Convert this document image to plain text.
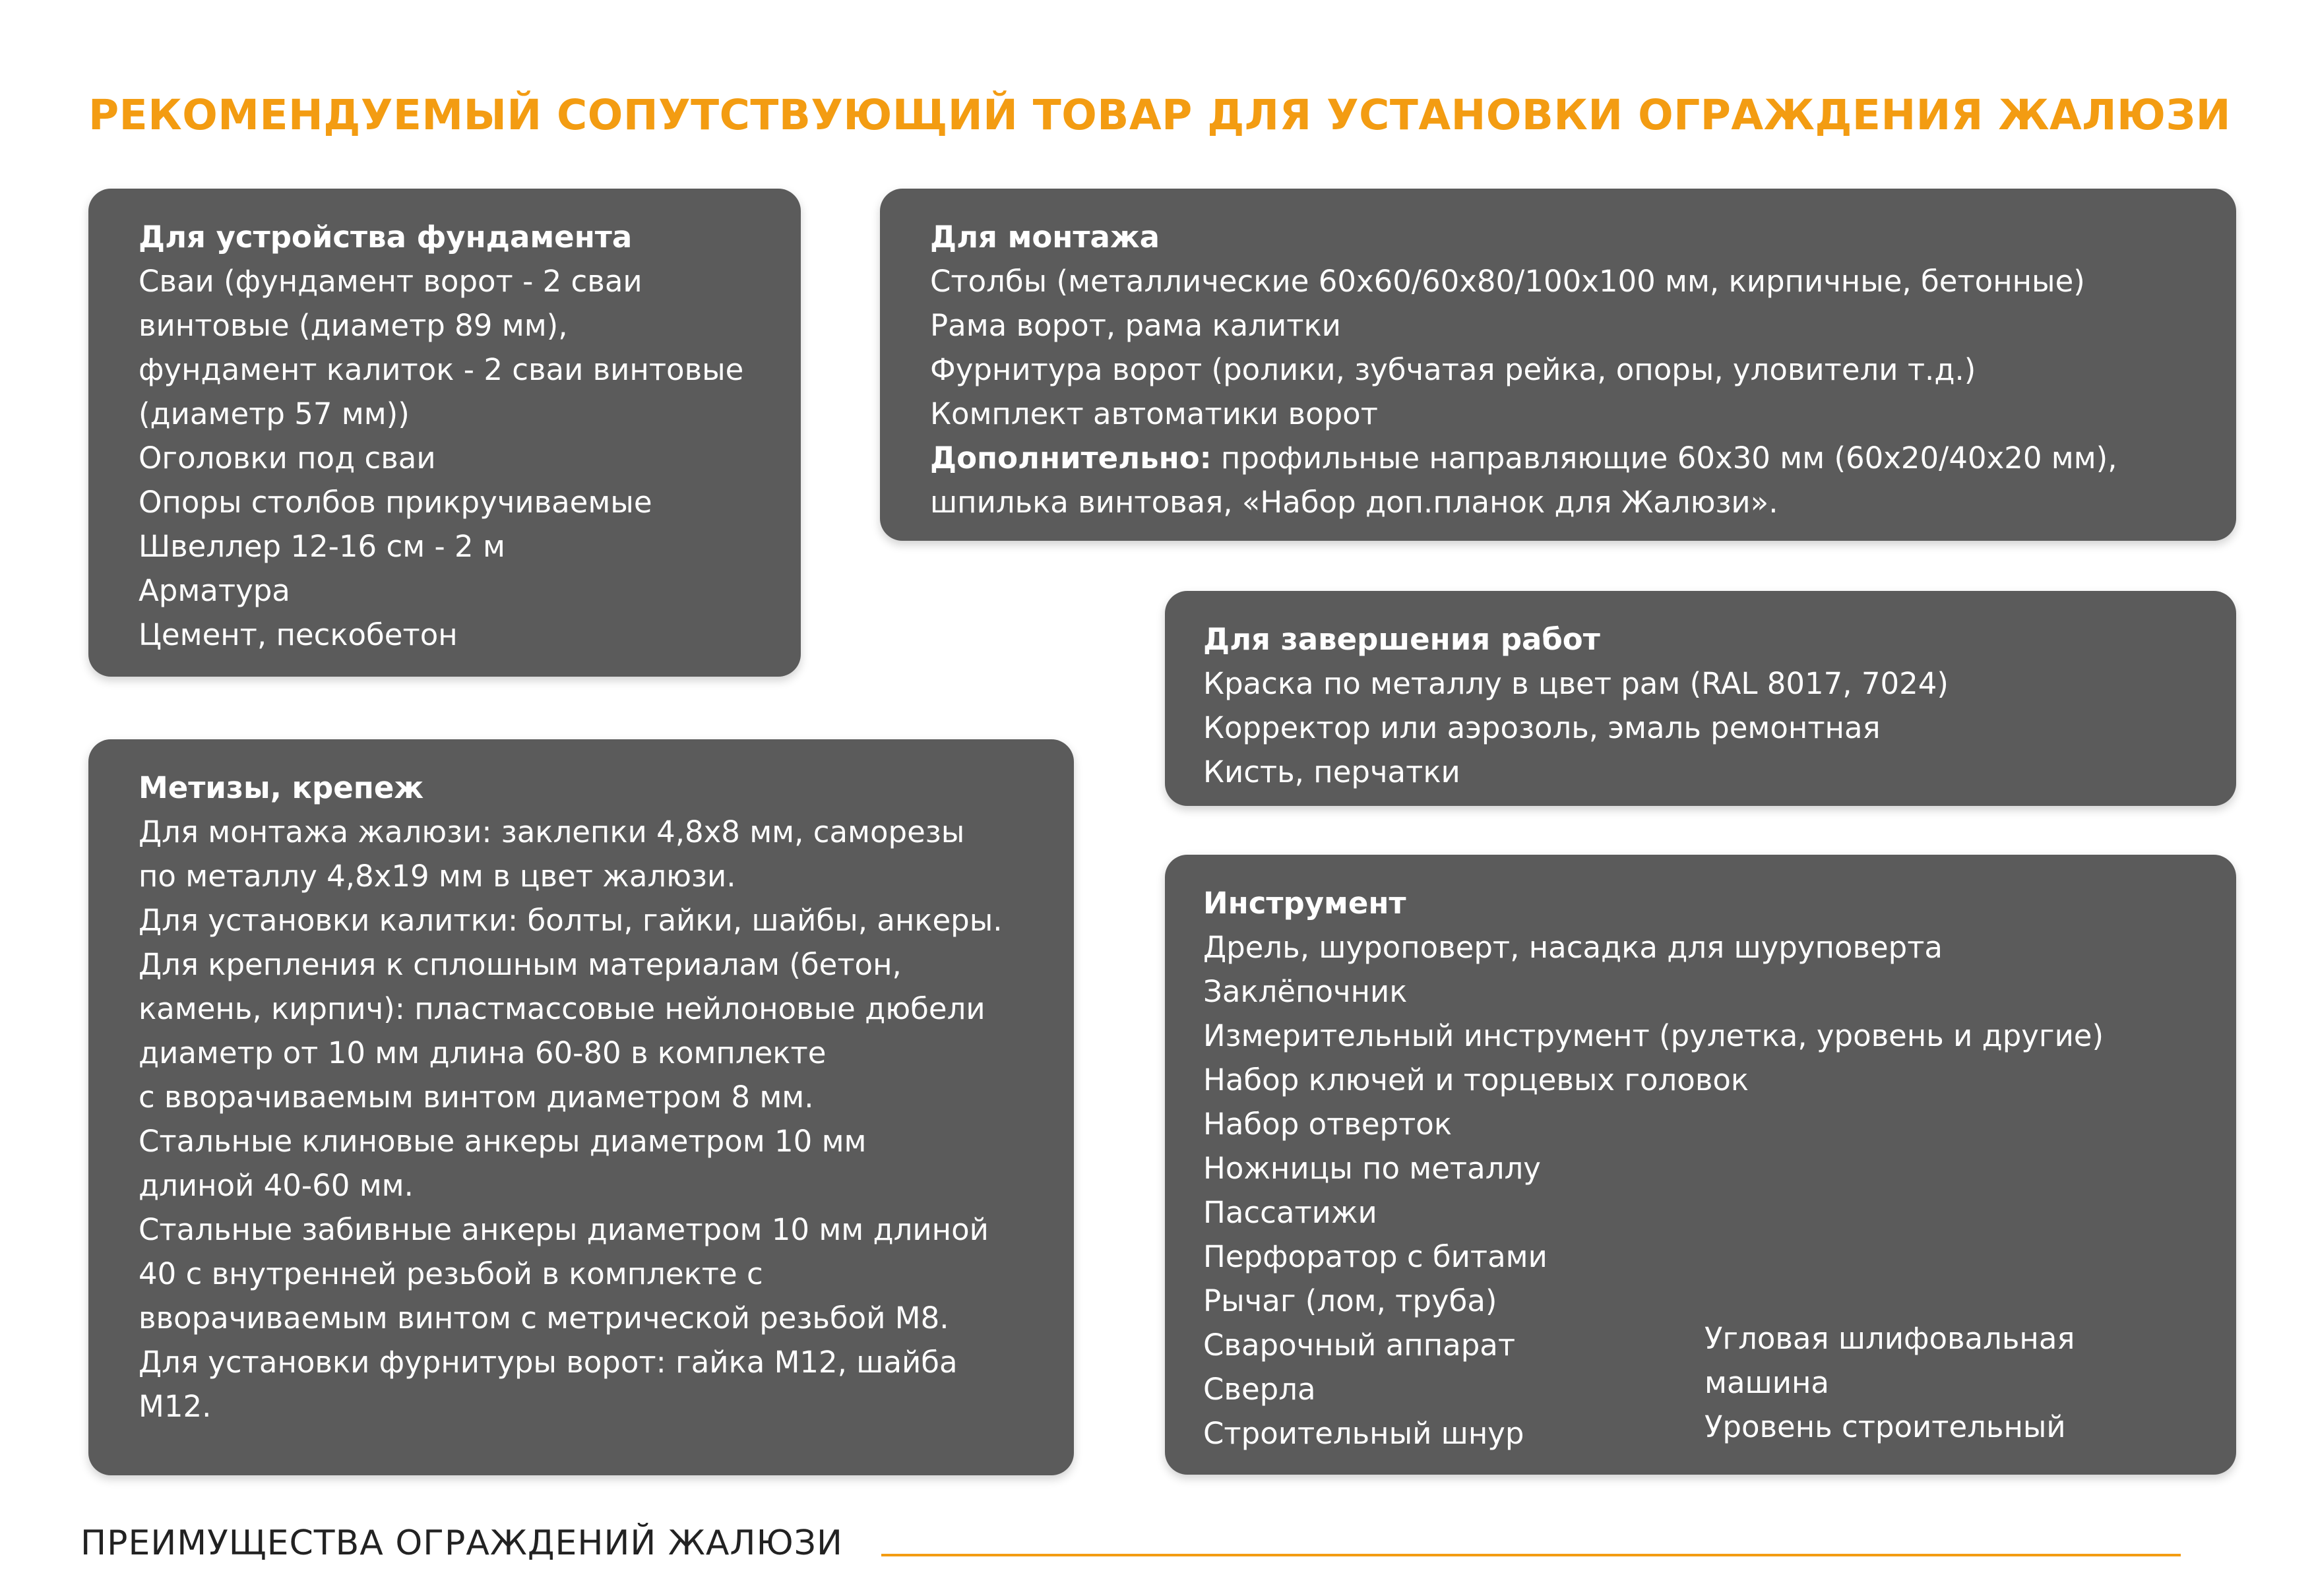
РЕКОМЕНДУЕМЫЙ СОПУТСТВУЮЩИЙ ТОВАР ДЛЯ УСТАНОВКИ ОГРАЖДЕНИЯ ЖАЛЮЗИ
Для устройства фундамента
Сваи (фундамент ворот - 2 сваи
винтовые (диаметр 89 мм),
фундамент калиток - 2 сваи винтовые
(диаметр 57 мм))
Оголовки под сваи
Опоры столбов прикручиваемые
Швеллер 12-16 см - 2 м
Арматура
Цемент, пескобетон
Для монтажа
Столбы (металлические 60х60/60х80/100х100 мм, кирпичные, бетонные)
Рама ворот, рама калитки
Фурнитура ворот (ролики, зубчатая рейка, опоры, уловители т.д.)
Комплект автоматики ворот
Дополнительно: профильные направляющие 60х30 мм (60х20/40х20 мм),
шпилька винтовая, «Набор доп.планок для Жалюзи».
Для завершения работ
Краска по металлу в цвет рам (RAL 8017, 7024)
Корректор или аэрозоль, эмаль ремонтная
Кисть, перчатки
Метизы, крепеж
Для монтажа жалюзи: заклепки 4,8х8 мм, саморезы
по металлу 4,8х19 мм в цвет жалюзи.
Для установки калитки: болты, гайки, шайбы, анкеры.
Для крепления к сплошным материалам (бетон,
камень, кирпич): пластмассовые нейлоновые дюбели
диаметр от 10 мм длина 60-80 в комплекте
с вворачиваемым винтом диаметром 8 мм.
Стальные клиновые анкеры диаметром 10 мм
длиной 40-60 мм.
Стальные забивные анкеры диаметром 10 мм длиной
40 с внутренней резьбой в комплекте с
вворачиваемым винтом с метрической резьбой М8.
Для установки фурнитуры ворот: гайка М12, шайба
М12.
Инструмент
Дрель, шуроповерт, насадка для шуруповерта
Заклёпочник
Измерительный инструмент (рулетка, уровень и другие)
Набор ключей и торцевых головок
Набор отверток
Ножницы по металлу
Пассатижи
Перфоратор с битами
Рычаг (лом, труба)
Сварочный аппарат
Сверла
Строительный шнур
Угловая шлифовальная
машина
Уровень строительный
ПРЕИМУЩЕСТВА ОГРАЖДЕНИЙ ЖАЛЮЗИ
